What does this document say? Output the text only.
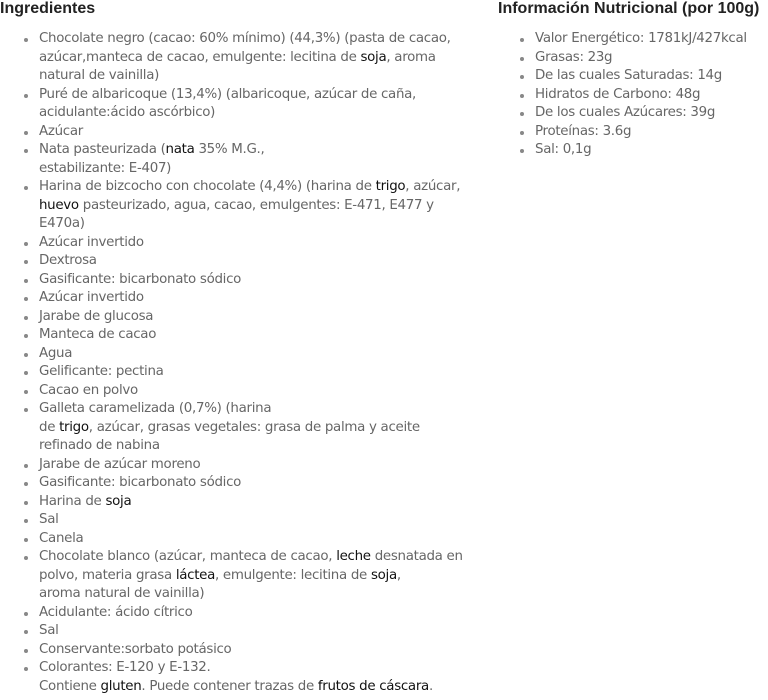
Ingredientes
Chocolate negro (cacao: 60% mínimo) (44,3%) (pasta de cacao,
azúcar,manteca de cacao, emulgente: lecitina de soja, aroma
natural de vainilla)
Puré de albaricoque (13,4%) (albaricoque, azúcar de caña,
acidulante:ácido ascórbico)
Azúcar
Nata pasteurizada (nata 35% M.G.,
estabilizante: E-407)
Harina de bizcocho con chocolate (4,4%) (harina de trigo, azúcar,
huevo pasteurizado, agua, cacao, emulgentes: E-471, E477 y
E470a)
Azúcar invertido
Dextrosa
Gasificante: bicarbonato sódico
Azúcar invertido
Jarabe de glucosa
Manteca de cacao
Agua
Gelificante: pectina
Cacao en polvo
Galleta caramelizada (0,7%) (harina
de trigo, azúcar, grasas vegetales: grasa de palma y aceite
refinado de nabina
Jarabe de azúcar moreno
Gasificante: bicarbonato sódico
Harina de soja
Sal
Canela
Chocolate blanco (azúcar, manteca de cacao, leche desnatada en
polvo, materia grasa láctea, emulgente: lecitina de soja,
aroma natural de vainilla)
Acidulante: ácido cítrico
Sal
Conservante:sorbato potásico
Colorantes: E-120 y E-132.

Contiene gluten. Puede contener trazas de frutos de cáscara.

Información Nutricional (por 100g)
Valor Energético: 1781kJ/427kcal
Grasas: 23g
De las cuales Saturadas: 14g
Hidratos de Carbono: 48g
De los cuales Azúcares: 39g
Proteínas: 3.6g
Sal: 0,1g
